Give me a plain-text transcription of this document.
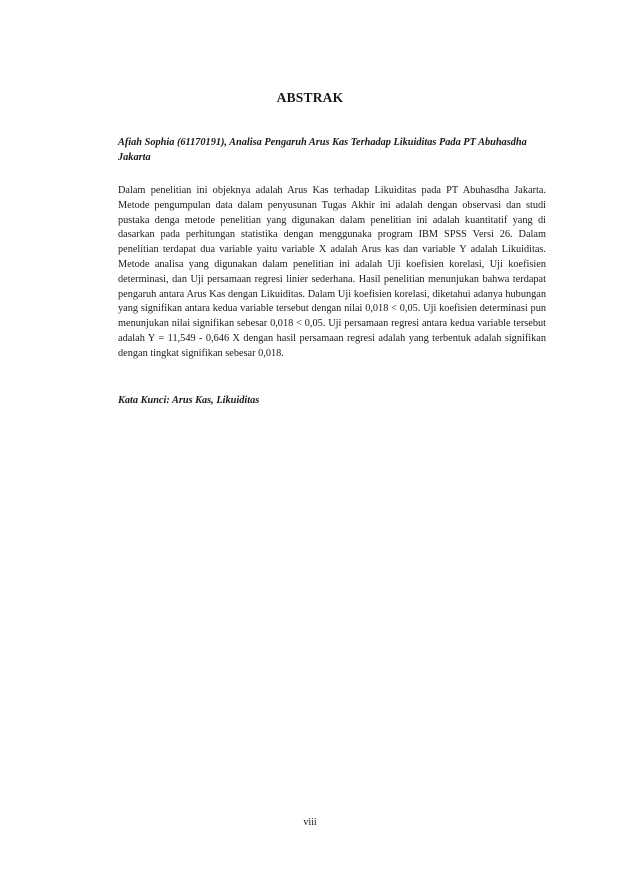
ABSTRAK
Afiah Sophia (61170191), Analisa Pengaruh Arus Kas Terhadap Likuiditas Pada PT Abuhasdha Jakarta
Dalam penelitian ini objeknya adalah Arus Kas terhadap Likuiditas pada PT Abuhasdha Jakarta. Metode pengumpulan data dalam penyusunan Tugas Akhir ini adalah dengan observasi dan studi pustaka denga metode penelitian yang digunakan dalam penelitian ini adalah kuantitatif yang di dasarkan pada perhitungan statistika dengan menggunaka program IBM SPSS Versi 26. Dalam penelitian terdapat dua variable yaitu variable X adalah Arus kas dan variable Y adalah Likuiditas. Metode analisa yang digunakan dalam penelitian ini adalah Uji koefisien korelasi, Uji koefisien determinasi, dan Uji persamaan regresi linier sederhana. Hasil penelitian menunjukan bahwa terdapat pengaruh antara Arus Kas dengan Likuiditas. Dalam Uji koefisien korelasi, diketahui adanya hubungan yang signifikan antara kedua variable tersebut dengan nilai 0,018 < 0,05. Uji koefisien determinasi pun menunjukan nilai signifikan sebesar 0,018 < 0,05. Uji persamaan regresi antara kedua variable tersebut adalah Y = 11,549 - 0,646 X dengan hasil persamaan regresi adalah yang terbentuk adalah signifikan dengan tingkat signifikan sebesar 0,018.
Kata Kunci: Arus Kas, Likuiditas
viii
